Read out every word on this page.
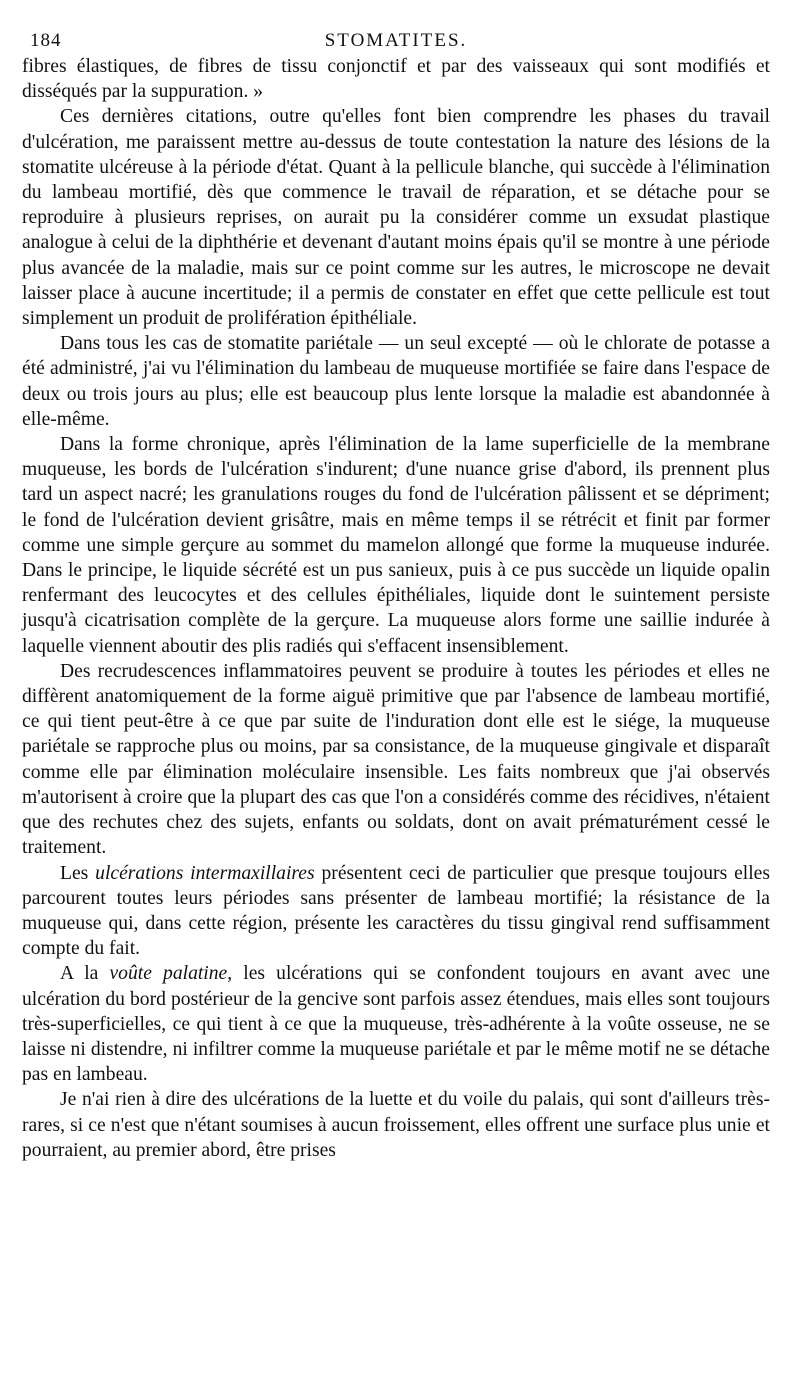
184	STOMATITES.

fibres élastiques, de fibres de tissu conjonctif et par des vaisseaux qui sont modifiés et disséqués par la suppuration. »

Ces dernières citations, outre qu'elles font bien comprendre les phases du travail d'ulcération, me paraissent mettre au-dessus de toute contestation la nature des lésions de la stomatite ulcéreuse à la période d'état. Quant à la pellicule blanche, qui succède à l'élimination du lambeau mortifié, dès que commence le travail de réparation, et se détache pour se reproduire à plusieurs reprises, on aurait pu la considérer comme un exsudat plastique analogue à celui de la diphthérie et devenant d'autant moins épais qu'il se montre à une période plus avancée de la maladie, mais sur ce point comme sur les autres, le microscope ne devait laisser place à aucune incertitude; il a permis de constater en effet que cette pellicule est tout simplement un produit de prolifération épithéliale.

Dans tous les cas de stomatite pariétale — un seul excepté — où le chlorate de potasse a été administré, j'ai vu l'élimination du lambeau de muqueuse mortifiée se faire dans l'espace de deux ou trois jours au plus; elle est beaucoup plus lente lorsque la maladie est abandonnée à elle-même.

Dans la forme chronique, après l'élimination de la lame superficielle de la membrane muqueuse, les bords de l'ulcération s'indurent; d'une nuance grise d'abord, ils prennent plus tard un aspect nacré; les granulations rouges du fond de l'ulcération pâlissent et se dépriment; le fond de l'ulcération devient grisâtre, mais en même temps il se rétrécit et finit par former comme une simple gerçure au sommet du mamelon allongé que forme la muqueuse indurée. Dans le principe, le liquide sécrété est un pus sanieux, puis à ce pus succède un liquide opalin renfermant des leucocytes et des cellules épithéliales, liquide dont le suintement persiste jusqu'à cicatrisation complète de la gerçure. La muqueuse alors forme une saillie indurée à laquelle viennent aboutir des plis radiés qui s'effacent insensiblement.

Des recrudescences inflammatoires peuvent se produire à toutes les périodes et elles ne diffèrent anatomiquement de la forme aiguë primitive que par l'absence de lambeau mortifié, ce qui tient peut-être à ce que par suite de l'induration dont elle est le siége, la muqueuse pariétale se rapproche plus ou moins, par sa consistance, de la muqueuse gingivale et disparaît comme elle par élimination moléculaire insensible. Les faits nombreux que j'ai observés m'autorisent à croire que la plupart des cas que l'on a considérés comme des récidives, n'étaient que des rechutes chez des sujets, enfants ou soldats, dont on avait prématurément cessé le traitement.

Les ulcérations intermaxillaires présentent ceci de particulier que presque toujours elles parcourent toutes leurs périodes sans présenter de lambeau mortifié; la résistance de la muqueuse qui, dans cette région, présente les caractères du tissu gingival rend suffisamment compte du fait.

A la voûte palatine, les ulcérations qui se confondent toujours en avant avec une ulcération du bord postérieur de la gencive sont parfois assez étendues, mais elles sont toujours très-superficielles, ce qui tient à ce que la muqueuse, très-adhérente à la voûte osseuse, ne se laisse ni distendre, ni infiltrer comme la muqueuse pariétale et par le même motif ne se détache pas en lambeau.

Je n'ai rien à dire des ulcérations de la luette et du voile du palais, qui sont d'ailleurs très-rares, si ce n'est que n'étant soumises à aucun froissement, elles offrent une surface plus unie et pourraient, au premier abord, être prises
